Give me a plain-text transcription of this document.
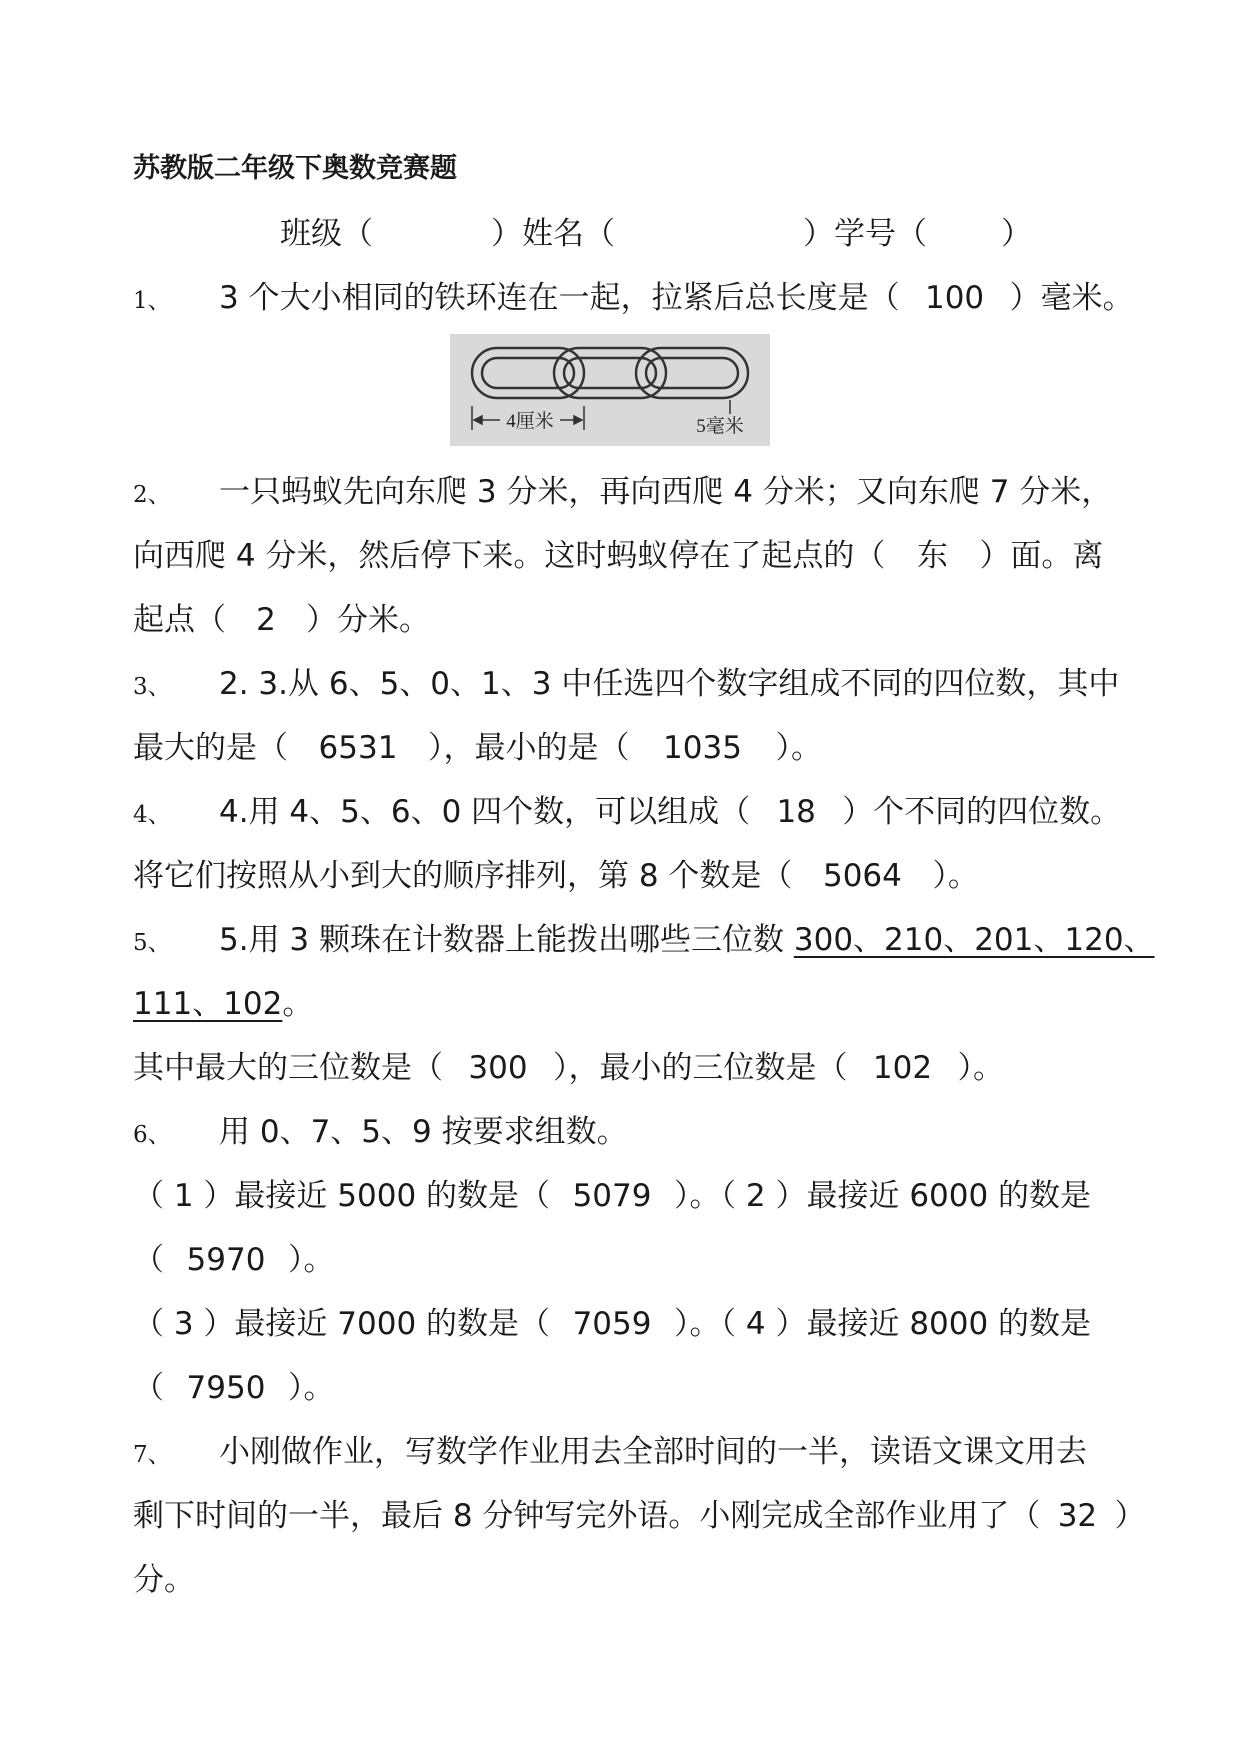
苏教版二年级下奥数竞赛题
班级（	）姓名（	）学号（ ）
1、 3 个大小相同的铁环连在一起，拉紧后总长度是（ 100 ）毫米。
4厘米	5毫米
2、 一只蚂蚁先向东爬 3 分米，再向西爬 4 分米；又向东爬 7 分米，
向西爬 4 分米，然后停下来。这时蚂蚁停在了起点的（ 东 ）面。离
起点（ 2 ）分米。
3、 2. 3.从 6、5、0、1、3 中任选四个数字组成不同的四位数，其中
最大的是（ 6531 ），最小的是（ 1035 ）。
4、 4.用 4、5、6、0 四个数，可以组成（ 18 ）个不同的四位数。
将它们按照从小到大的顺序排列，第 8 个数是（ 5064 ）。
5、 5.用 3 颗珠在计数器上能拨出哪些三位数 300、210、201、120、
111、102。
其中最大的三位数是（ 300 ），最小的三位数是（ 102 ）。
6、 用 0、7、5、9 按要求组数。
（ 1 ）最接近 5000 的数是（ 5079 ）。（ 2 ）最接近 6000 的数是
（ 5970 ）。
（ 3 ）最接近 7000 的数是（ 7059 ）。（ 4 ）最接近 8000 的数是
（ 7950 ）。
7、 小刚做作业，写数学作业用去全部时间的一半，读语文课文用去
剩下时间的一半，最后 8 分钟写完外语。小刚完成全部作业用了（ 32 ）
分。
